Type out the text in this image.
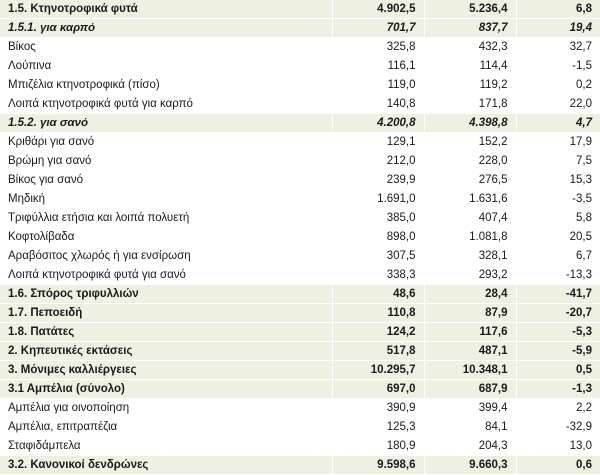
1.5. Κτηνοτροφικά φυτά	4.902,5	5.236,4	6,8
1.5.1. για καρπό	701,7	837,7	19,4
Βίκος	325,8	432,3	32,7
Λούπινα	116,1	114,4	-1,5
Μπιζέλια κτηνοτροφικά (πίσο)	119,0	119,2	0,2
Λοιπά κτηνοτροφικά φυτά για καρπό	140,8	171,8	22,0
1.5.2. για σανό	4.200,8	4.398,8	4,7
Κριθάρι για σανό	129,1	152,2	17,9
Βρώμη για σανό	212,0	228,0	7,5
Βίκος για σανό	239,9	276,5	15,3
Μηδική	1.691,0	1.631,6	-3,5
Τριφύλλια ετήσια και λοιπά πολυετή	385,0	407,4	5,8
Κοφτολίβαδα	898,0	1.081,8	20,5
Αραβόσιτος χλωρός ή για ενσίρωση	307,5	328,1	6,7
Λοιπά κτηνοτροφικά φυτά για σανό	338,3	293,2	-13,3
1.6. Σπόρος τριφυλλιών	48,6	28,4	-41,7
1.7. Πεποειδή	110,8	87,9	-20,7
1.8. Πατάτες	124,2	117,6	-5,3
2. Κηπευτικές εκτάσεις	517,8	487,1	-5,9
3. Μόνιμες καλλιέργειες	10.295,7	10.348,1	0,5
3.1 Αμπέλια (σύνολο)	697,0	687,9	-1,3
Αμπέλια για οινοποίηση	390,9	399,4	2,2
Αμπέλια, επιτραπέζια	125,3	84,1	-32,9
Σταφιδάμπελα	180,9	204,3	13,0
3.2. Κανονικοί δενδρώνες	9.598,6	9.660,3	0,6
